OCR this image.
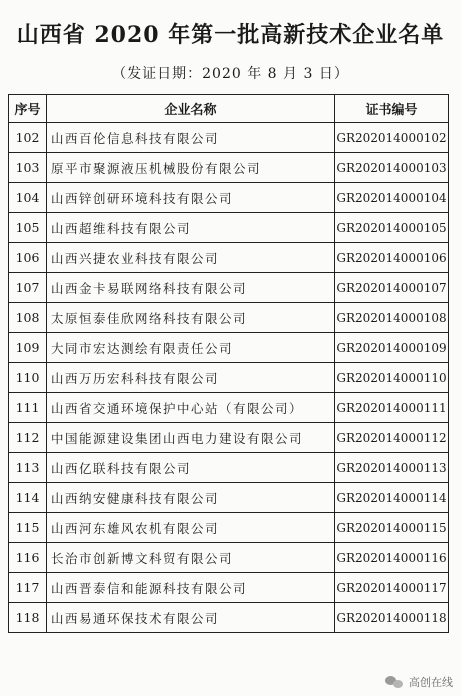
山西省 2020 年第一批高新技术企业名单
（发证日期：2020 年 8 月 3 日）
序号	企业名称	证书编号
102	山西百伦信息科技有限公司	GR202014000102
103	原平市聚源液压机械股份有限公司	GR202014000103
104	山西锌创研环境科技有限公司	GR202014000104
105	山西超维科技有限公司	GR202014000105
106	山西兴捷农业科技有限公司	GR202014000106
107	山西金卡易联网络科技有限公司	GR202014000107
108	太原恒泰佳欣网络科技有限公司	GR202014000108
109	大同市宏达测绘有限责任公司	GR202014000109
110	山西万历宏科科技有限公司	GR202014000110
111	山西省交通环境保护中心站（有限公司）	GR202014000111
112	中国能源建设集团山西电力建设有限公司	GR202014000112
113	山西亿联科技有限公司	GR202014000113
114	山西纳安健康科技有限公司	GR202014000114
115	山西河东雄风农机有限公司	GR202014000115
116	长治市创新博文科贸有限公司	GR202014000116
117	山西晋泰信和能源科技有限公司	GR202014000117
118	山西易通环保技术有限公司	GR202014000118
高创在线
